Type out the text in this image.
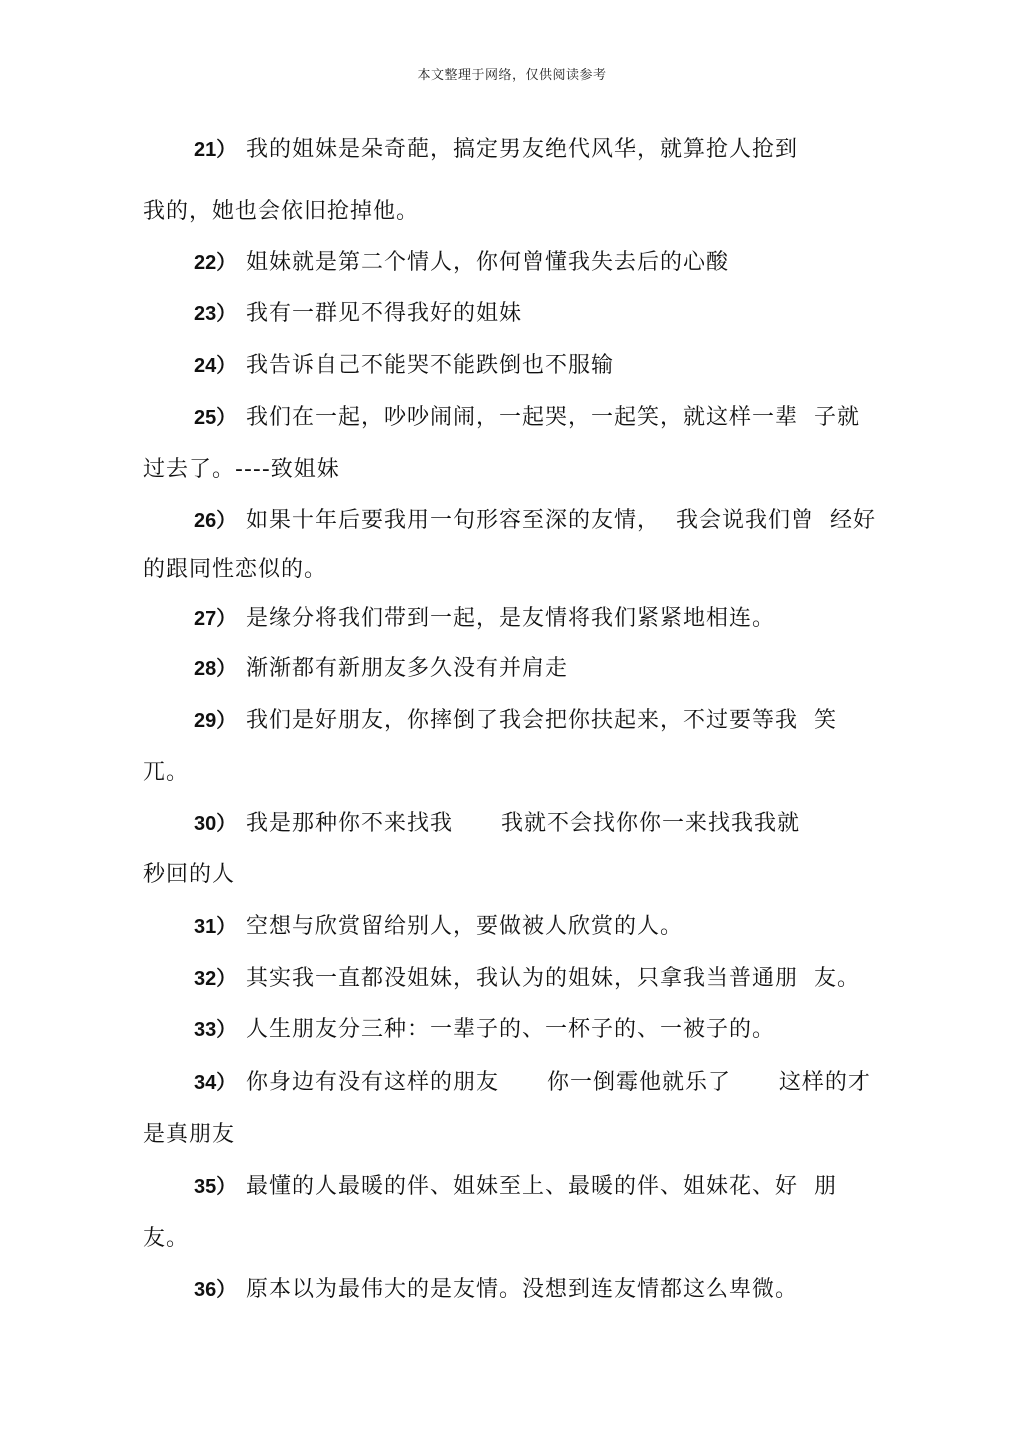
本文整理于网络，仅供阅读参考
21） 我的姐妹是朵奇葩，搞定男友绝代风华，就算抢人抢到
我的，她也会依旧抢掉他。
22） 姐妹就是第二个情人，你何曾懂我失去后的心酸
23） 我有一群见不得我好的姐妹
24） 我告诉自己不能哭不能跌倒也不服输
25） 我们在一起，吵吵闹闹，一起哭，一起笑，就这样一辈  子就
过去了。----致姐妹
26） 如果十年后要我用一句形容至深的友情，  我会说我们曾  经好
的跟同性恋似的。
27） 是缘分将我们带到一起，是友情将我们紧紧地相连。
28） 渐渐都有新朋友多久没有并肩走
29） 我们是好朋友，你摔倒了我会把你扶起来，不过要等我  笑
兀。
30） 我是那种你不来找我      我就不会找你你一来找我我就
秒回的人
31） 空想与欣赏留给别人，要做被人欣赏的人。
32） 其实我一直都没姐妹，我认为的姐妹，只拿我当普通朋  友。
33） 人生朋友分三种：一辈子的、一杯子的、一被子的。
34） 你身边有没有这样的朋友      你一倒霉他就乐了      这样的才
是真朋友
35） 最懂的人最暖的伴、姐妹至上、最暖的伴、姐妹花、好  朋
友。
36） 原本以为最伟大的是友情。没想到连友情都这么卑微。
